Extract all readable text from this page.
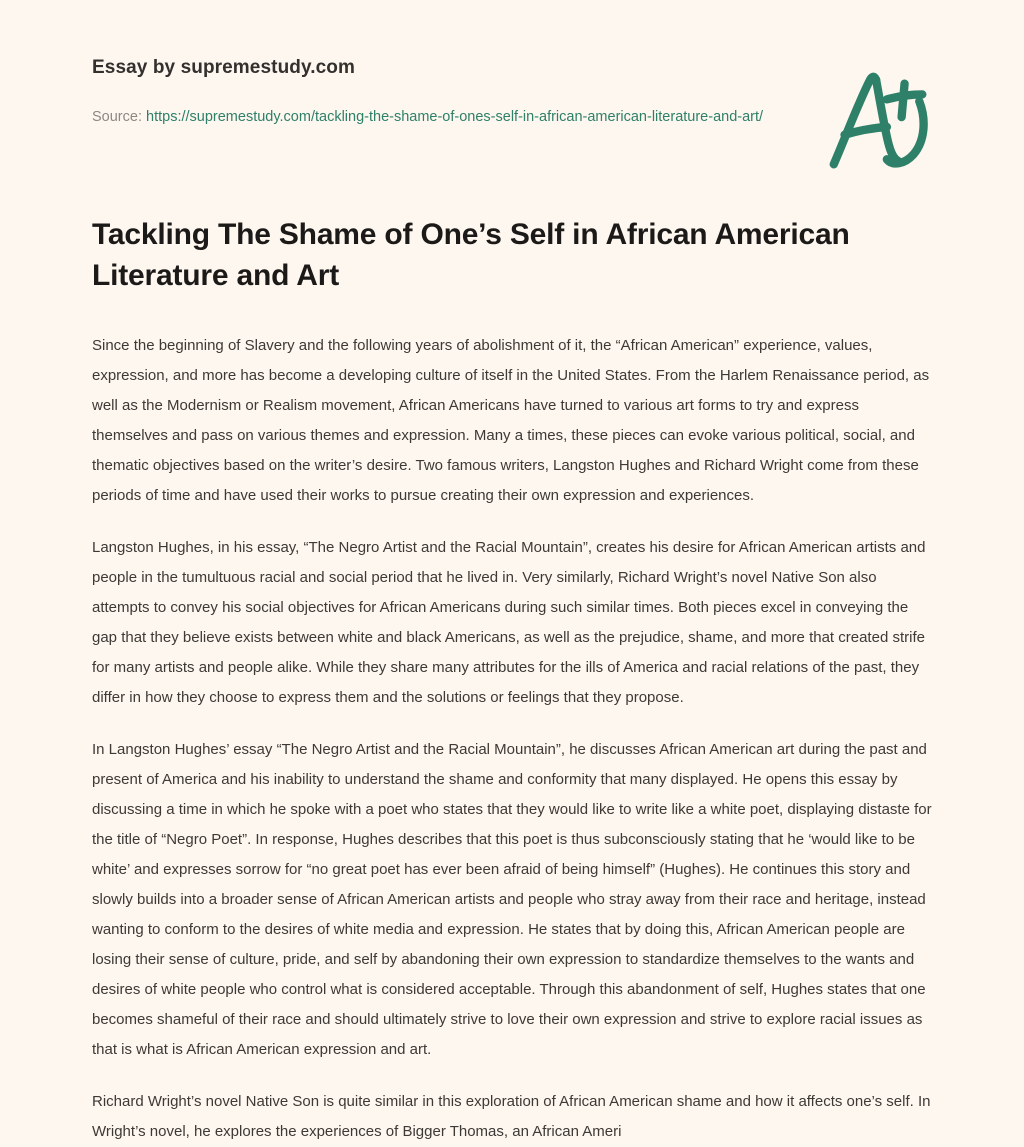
Essay by supremestudy.com

Source: https://supremestudy.com/tackling-the-shame-of-ones-self-in-african-american-literature-and-art/

Tackling The Shame of One’s Self in African American Literature and Art

Since the beginning of Slavery and the following years of abolishment of it, the “African American” experience, values, expression, and more has become a developing culture of itself in the United States. From the Harlem Renaissance period, as well as the Modernism or Realism movement, African Americans have turned to various art forms to try and express themselves and pass on various themes and expression. Many a times, these pieces can evoke various political, social, and thematic objectives based on the writer’s desire. Two famous writers, Langston Hughes and Richard Wright come from these periods of time and have used their works to pursue creating their own expression and experiences.

Langston Hughes, in his essay, “The Negro Artist and the Racial Mountain”, creates his desire for African American artists and people in the tumultuous racial and social period that he lived in. Very similarly, Richard Wright’s novel Native Son also attempts to convey his social objectives for African Americans during such similar times. Both pieces excel in conveying the gap that they believe exists between white and black Americans, as well as the prejudice, shame, and more that created strife for many artists and people alike. While they share many attributes for the ills of America and racial relations of the past, they differ in how they choose to express them and the solutions or feelings that they propose.

In Langston Hughes’ essay “The Negro Artist and the Racial Mountain”, he discusses African American art during the past and present of America and his inability to understand the shame and conformity that many displayed. He opens this essay by discussing a time in which he spoke with a poet who states that they would like to write like a white poet, displaying distaste for the title of “Negro Poet”. In response, Hughes describes that this poet is thus subconsciously stating that he ‘would like to be white’ and expresses sorrow for “no great poet has ever been afraid of being himself” (Hughes). He continues this story and slowly builds into a broader sense of African American artists and people who stray away from their race and heritage, instead wanting to conform to the desires of white media and expression. He states that by doing this, African American people are losing their sense of culture, pride, and self by abandoning their own expression to standardize themselves to the wants and desires of white people who control what is considered acceptable. Through this abandonment of self, Hughes states that one becomes shameful of their race and should ultimately strive to love their own expression and strive to explore racial issues as that is what is African American expression and art.

Richard Wright’s novel Native Son is quite similar in this exploration of African American shame and how it affects one’s self. In Wright’s novel, he explores the experiences of Bigger Thomas, an African Ameri
